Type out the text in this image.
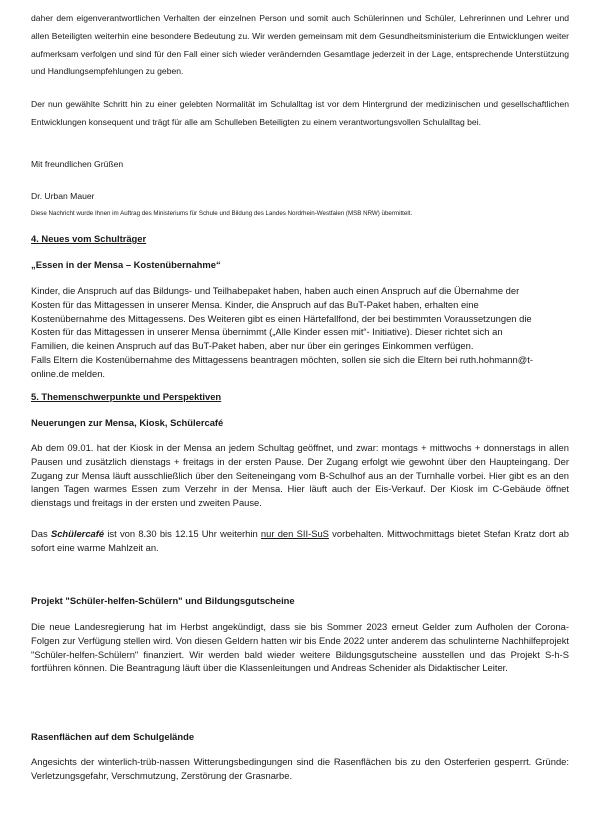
daher dem eigenverantwortlichen Verhalten der einzelnen Person und somit auch Schülerinnen und Schüler, Lehrerinnen und Lehrer und allen Beteiligten weiterhin eine besondere Bedeutung zu. Wir werden gemeinsam mit dem Gesundheitsministerium die Entwicklungen weiter aufmerksam verfolgen und sind für den Fall einer sich wieder verändernden Gesamtlage jederzeit in der Lage, entsprechende Unterstützung und Handlungsempfehlungen zu geben.

Der nun gewählte Schritt hin zu einer gelebten Normalität im Schulalltag ist vor dem Hintergrund der medizinischen und gesellschaftlichen Entwicklungen konsequent und trägt für alle am Schulleben Beteiligten zu einem verantwortungsvollen Schulalltag bei.

Mit freundlichen Grüßen

Dr. Urban Mauer

Diese Nachricht wurde Ihnen im Auftrag des Ministeriums für Schule und Bildung des Landes Nordrhein-Westfalen (MSB NRW) übermittelt.

4. Neues vom Schulträger

„Essen in der Mensa – Kostenübernahme“

Kinder, die Anspruch auf das Bildungs- und Teilhabepaket haben, haben auch einen Anspruch auf die Übernahme der
Kosten für das Mittagessen in unserer Mensa. Kinder, die Anspruch auf das BuT-Paket haben, erhalten eine
Kostenübernahme des Mittagessens. Des Weiteren gibt es einen Härtefallfond, der bei bestimmten Voraussetzungen die
Kosten für das Mittagessen in unserer Mensa übernimmt („Alle Kinder essen mit“- Initiative). Dieser richtet sich an
Familien, die keinen Anspruch auf das BuT-Paket haben, aber nur über ein geringes Einkommen verfügen.
Falls Eltern die Kostenübernahme des Mittagessens beantragen möchten, sollen sie sich die Eltern bei ruth.hohmann@t-
online.de melden.

5. Themenschwerpunkte und Perspektiven

Neuerungen zur Mensa, Kiosk, Schülercafé

Ab dem 09.01. hat der Kiosk in der Mensa an jedem Schultag geöffnet, und zwar: montags + mittwochs + donnerstags in allen Pausen und zusätzlich dienstags + freitags in der ersten Pause. Der Zugang erfolgt wie gewohnt über den Haupteingang. Der Zugang zur Mensa läuft ausschließlich über den Seiteneingang vom B-Schulhof aus an der Turnhalle vorbei. Hier gibt es an den langen Tagen warmes Essen zum Verzehr in der Mensa. Hier läuft auch der Eis-Verkauf. Der Kiosk im C-Gebäude öffnet dienstags und freitags in der ersten und zweiten Pause.

Das Schülercafé ist von 8.30 bis 12.15 Uhr weiterhin nur den SII-SuS vorbehalten. Mittwochmittags bietet Stefan Kratz dort ab sofort eine warme Mahlzeit an.

Projekt "Schüler-helfen-Schülern" und Bildungsgutscheine

Die neue Landesregierung hat im Herbst angekündigt, dass sie bis Sommer 2023 erneut Gelder zum Aufholen der Corona-Folgen zur Verfügung stellen wird. Von diesen Geldern hatten wir bis Ende 2022 unter anderem das schulinterne Nachhilfeprojekt "Schüler-helfen-Schülern" finanziert. Wir werden bald wieder weitere Bildungsgutscheine ausstellen und das Projekt S-h-S fortführen können. Die Beantragung läuft über die Klassenleitungen und Andreas Schenider als Didaktischer Leiter.

Rasenflächen auf dem Schulgelände

Angesichts der winterlich-trüb-nassen Witterungsbedingungen sind die Rasenflächen bis zu den Osterferien gesperrt. Gründe: Verletzungsgefahr, Verschmutzung, Zerstörung der Grasnarbe.
